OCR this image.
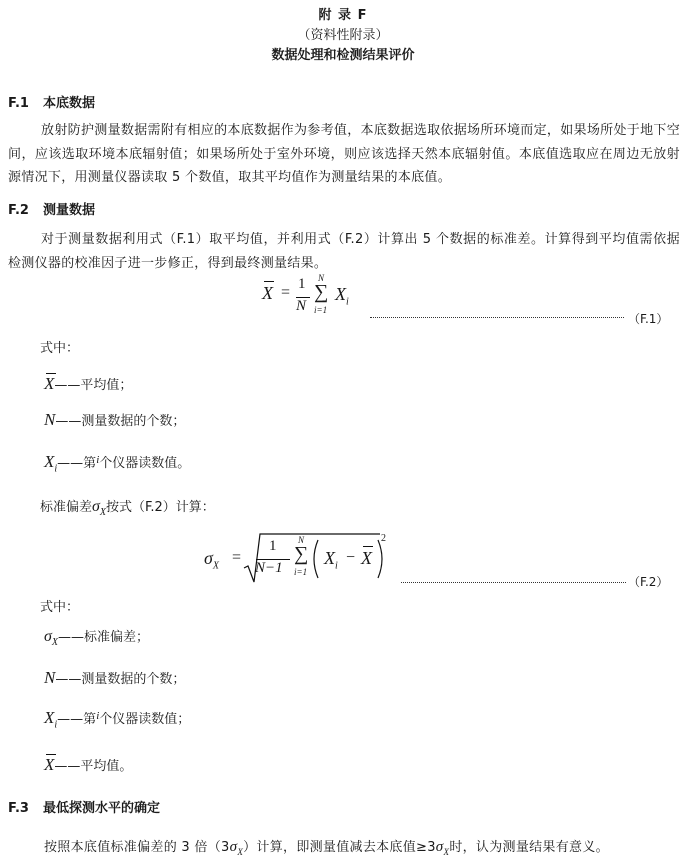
附 录 F
（资料性附录）
数据处理和检测结果评价
F.1 本底数据
放射防护测量数据需附有相应的本底数据作为参考值，本底数据选取依据场所环境而定，如果场所处于地下空间，应该选取环境本底辐射值；如果场所处于室外环境，则应该选择天然本底辐射值。本底值选取应在周边无放射源情况下，用测量仪器读取 5 个数值，取其平均值作为测量结果的本底值。
F.2 测量数据
对于测量数据利用式（F.1）取平均值，并利用式（F.2）计算出 5 个数据的标准差。计算得到平均值需依据检测仪器的校准因子进一步修正，得到最终测量结果。
X = 1
N
N
∑
i=1
$X_i$
（F.1）
式中：
X
——平均值；
N——测量数据的个数；
$X_i——$第$^i$个仪器读数值。
标准偏差$\sigma_X$按式（F.2）计算：
$\sigma_X$
=
1
N−1
N
∑
i=1
$X_i$
− X
2
（F.2）
式中：
$\sigma_X——$标准偏差；
N——测量数据的个数；
$X_i——$第$^i$个仪器读数值；
X
——平均值。
F.3 最低探测水平的确定
按照本底值标准偏差的 3 倍$(3\sigma_X)$计算，即测量值减去本底值$\ge 3\sigma_X$时，认为测量结果有意义。
